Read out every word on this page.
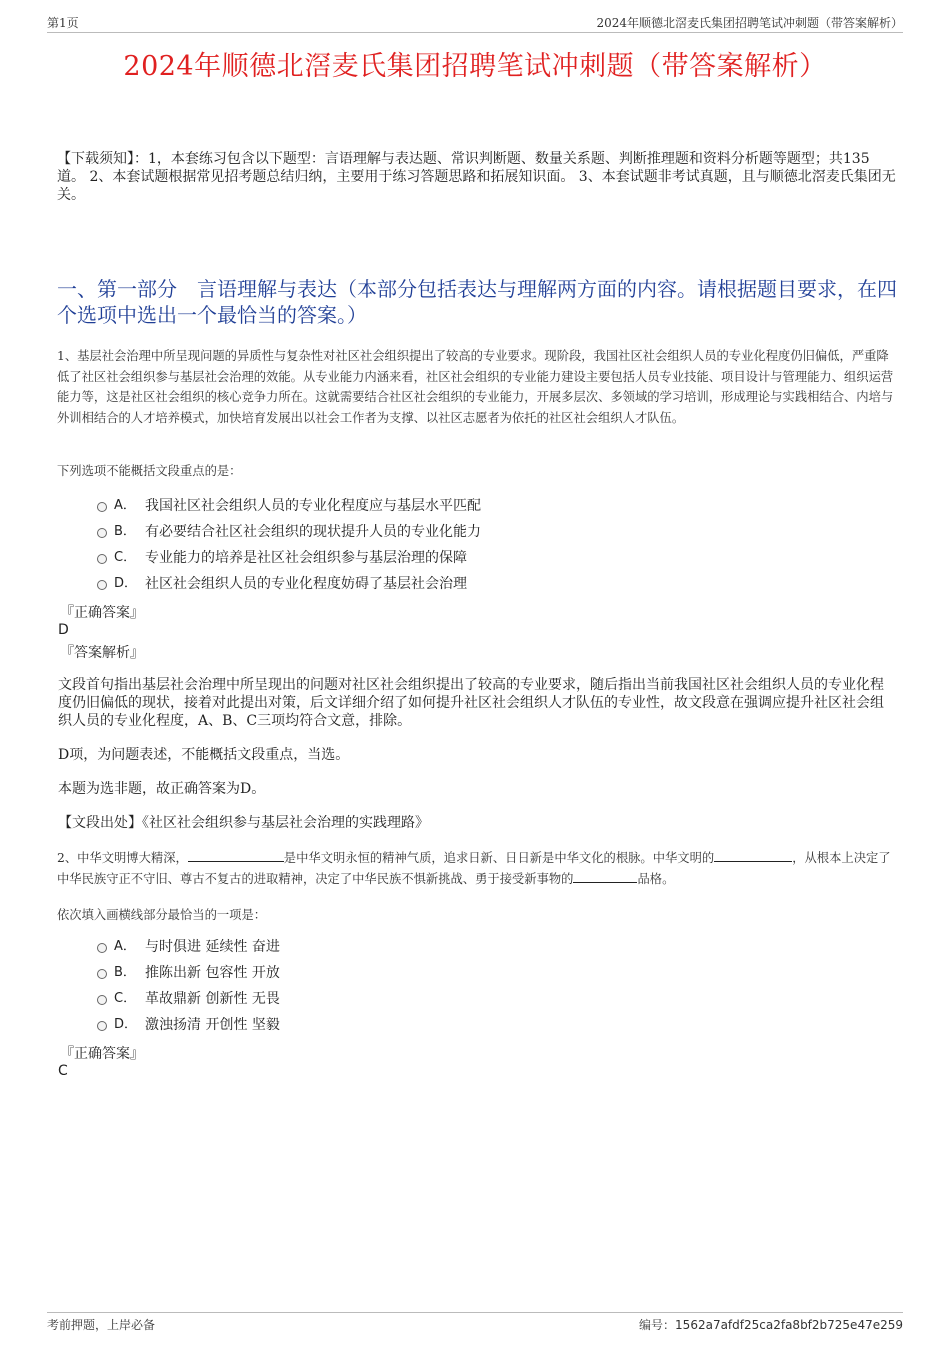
第1页	2024年顺德北滘麦氏集团招聘笔试冲刺题（带答案解析）
2024年顺德北滘麦氏集团招聘笔试冲刺题（带答案解析）
【下载须知】：1，本套练习包含以下题型：言语理解与表达题、常识判断题、数量关系题、判断推理题和资料分析题等题型；共135道。 2、本套试题根据常见招考题总结归纳，主要用于练习答题思路和拓展知识面。 3、本套试题非考试真题，且与顺德北滘麦氏集团无关。
一、第一部分　言语理解与表达（本部分包括表达与理解两方面的内容。请根据题目要求，在四个选项中选出一个最恰当的答案。）
1、基层社会治理中所呈现问题的异质性与复杂性对社区社会组织提出了较高的专业要求。现阶段，我国社区社会组织人员的专业化程度仍旧偏低，严重降低了社区社会组织参与基层社会治理的效能。从专业能力内涵来看，社区社会组织的专业能力建设主要包括人员专业技能、项目设计与管理能力、组织运营能力等，这是社区社会组织的核心竞争力所在。这就需要结合社区社会组织的专业能力，开展多层次、多领域的学习培训，形成理论与实践相结合、内培与外训相结合的人才培养模式，加快培育发展出以社会工作者为支撑、以社区志愿者为依托的社区社会组织人才队伍。
下列选项不能概括文段重点的是：
A． 我国社区社会组织人员的专业化程度应与基层水平匹配
B． 有必要结合社区社会组织的现状提升人员的专业化能力
C． 专业能力的培养是社区社会组织参与基层治理的保障
D． 社区社会组织人员的专业化程度妨碍了基层社会治理
『正确答案』
D
『答案解析』
文段首句指出基层社会治理中所呈现出的问题对社区社会组织提出了较高的专业要求，随后指出当前我国社区社会组织人员的专业化程度仍旧偏低的现状，接着对此提出对策，后文详细介绍了如何提升社区社会组织人才队伍的专业性，故文段意在强调应提升社区社会组织人员的专业化程度，A、B、C三项均符合文意，排除。
D项，为问题表述，不能概括文段重点，当选。
本题为选非题，故正确答案为D。
【文段出处】《社区社会组织参与基层社会治理的实践理路》
2、中华文明博大精深，	是中华文明永恒的精神气质，追求日新、日日新是中华文化的根脉。中华文明的	，从根本上决定了中华民族守正不守旧、尊古不复古的进取精神，决定了中华民族不惧新挑战、勇于接受新事物的	品格。
依次填入画横线部分最恰当的一项是：
A． 与时俱进 延续性 奋进
B． 推陈出新 包容性 开放
C． 革故鼎新 创新性 无畏
D． 激浊扬清 开创性 坚毅
『正确答案』
C
考前押题，上岸必备	编号：1562a7afdf25ca2fa8bf2b725e47e259
